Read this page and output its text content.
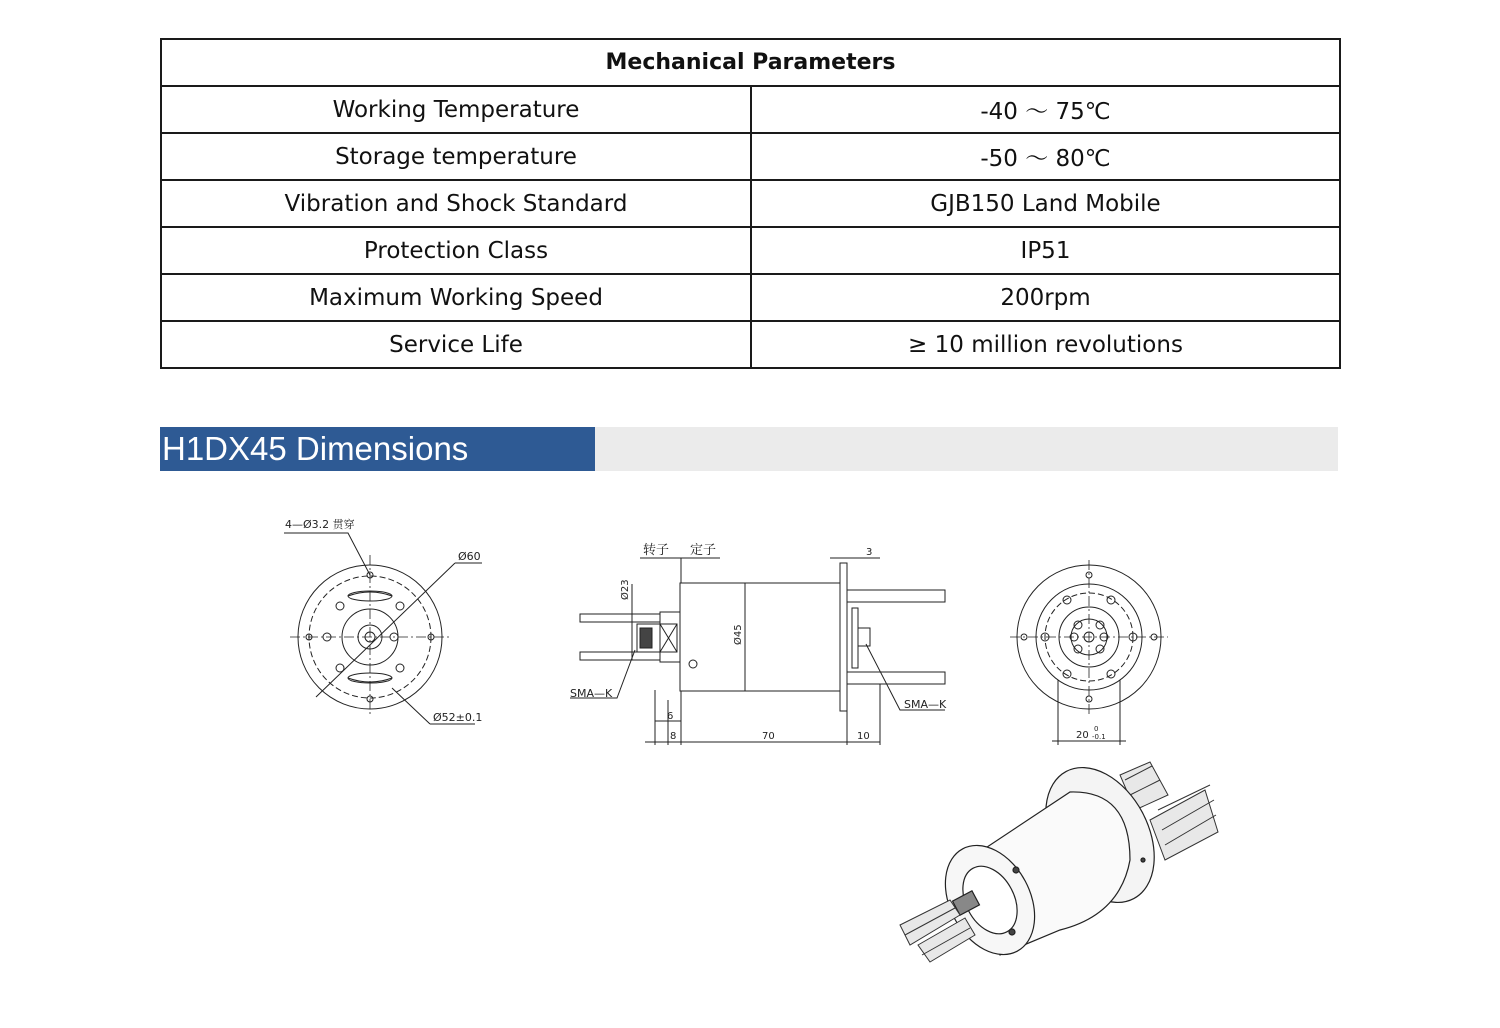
Mechanical Parameters	
Working Temperature	-40 ～ 75℃
Storage temperature	-50 ～ 80℃
Vibration and Shock Standard	GJB150 Land Mobile
Protection Class	IP51
Maximum Working Speed	200rpm
Service Life	≥ 10 million revolutions
H1DX45 Dimensions
4—Ø3.2 贯穿
Ø60
Ø52±0.1
转子 定子	3
Ø23
Ø45
SMA—K
SMA—K
6
8	70	10	20
0
-0.1
